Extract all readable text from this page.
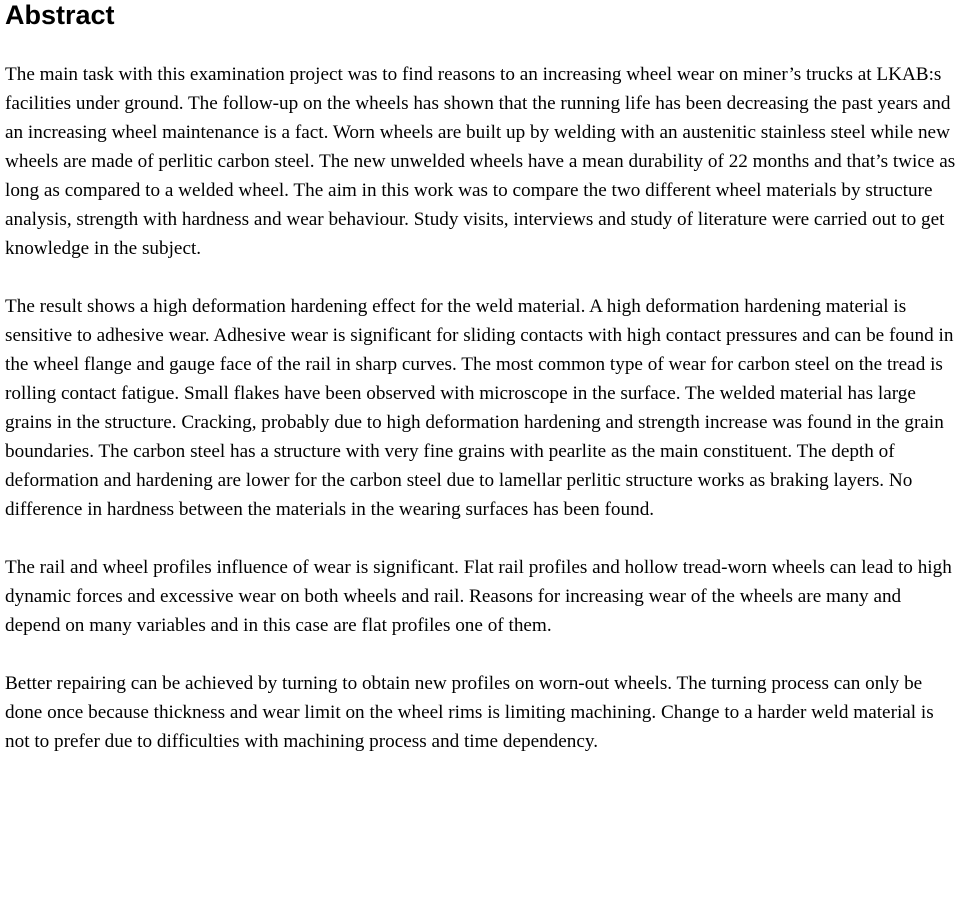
Abstract

The main task with this examination project was to find reasons to an increasing wheel wear on miner’s trucks at LKAB:s facilities under ground. The follow-up on the wheels has shown that the running life has been decreasing the past years and an increasing wheel maintenance is a fact. Worn wheels are built up by welding with an austenitic stainless steel while new wheels are made of perlitic carbon steel. The new unwelded wheels have a mean durability of 22 months and that’s twice as long as compared to a welded wheel. The aim in this work was to compare the two different wheel materials by structure analysis, strength with hardness and wear behaviour. Study visits, interviews and study of literature were carried out to get knowledge in the subject.

The result shows a high deformation hardening effect for the weld material. A high deformation hardening material is sensitive to adhesive wear. Adhesive wear is significant for sliding contacts with high contact pressures and can be found in the wheel flange and gauge face of the rail in sharp curves. The most common type of wear for carbon steel on the tread is rolling contact fatigue. Small flakes have been observed with microscope in the surface. The welded material has large grains in the structure. Cracking, probably due to high deformation hardening and strength increase was found in the grain boundaries. The carbon steel has a structure with very fine grains with pearlite as the main constituent. The depth of deformation and hardening are lower for the carbon steel due to lamellar perlitic structure works as braking layers. No difference in hardness between the materials in the wearing surfaces has been found.

The rail and wheel profiles influence of wear is significant. Flat rail profiles and hollow tread-worn wheels can lead to high dynamic forces and excessive wear on both wheels and rail. Reasons for increasing wear of the wheels are many and depend on many variables and in this case are flat profiles one of them.

Better repairing can be achieved by turning to obtain new profiles on worn-out wheels. The turning process can only be done once because thickness and wear limit on the wheel rims is limiting machining. Change to a harder weld material is not to prefer due to difficulties with machining process and time dependency.
